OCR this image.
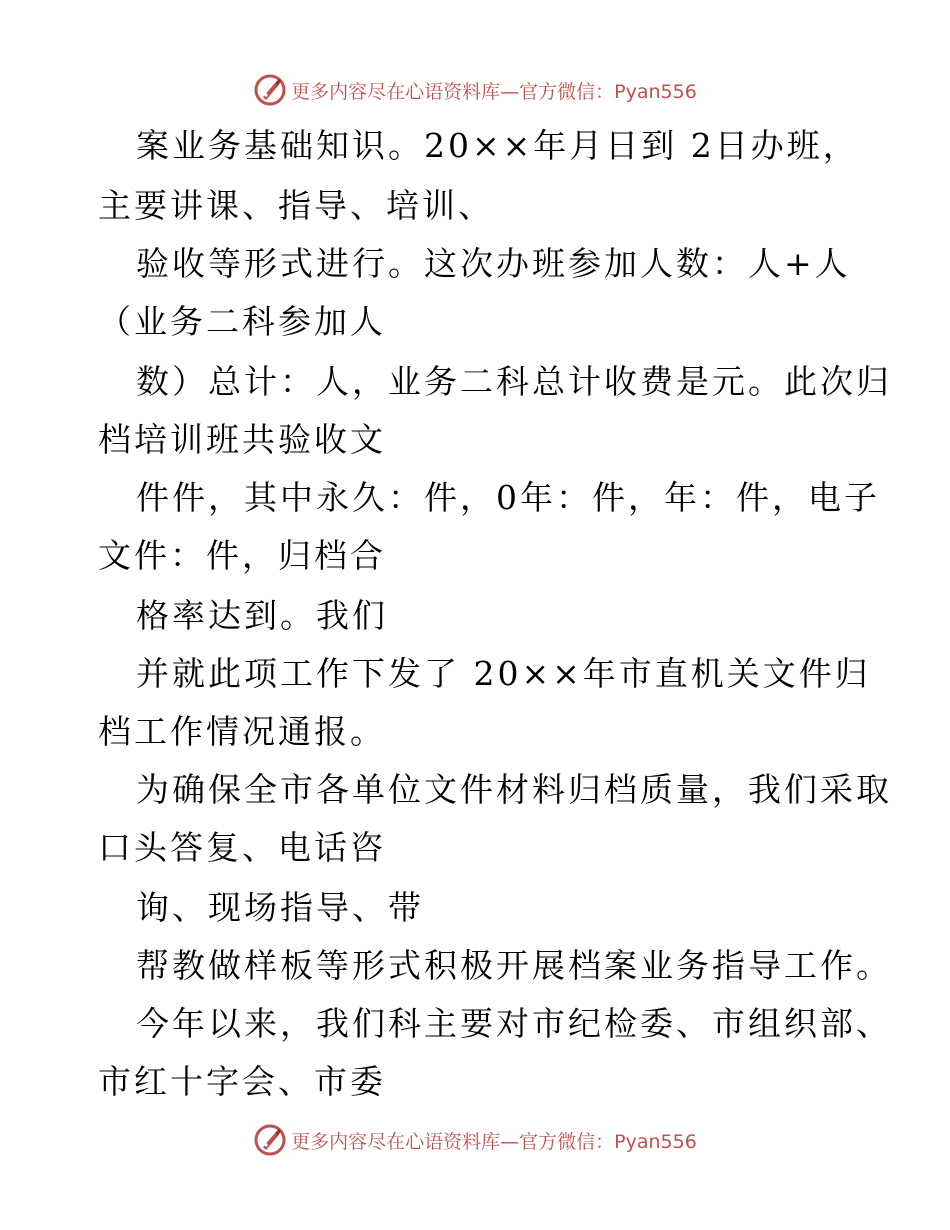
更多内容尽在心语资料库—官方微信：Pyan556
案业务基础知识。20××年月日到 2日办班，
主要讲课、指导、培训、
验收等形式进行。这次办班参加人数：人+人
（业务二科参加人
数）总计：人，业务二科总计收费是元。此次归
档培训班共验收文
件件，其中永久：件，0年：件，年：件，电子
文件：件，归档合
格率达到。我们
并就此项工作下发了 20××年市直机关文件归
档工作情况通报。
为确保全市各单位文件材料归档质量，我们采取
口头答复、电话咨
询、现场指导、带
帮教做样板等形式积极开展档案业务指导工作。
今年以来，我们科主要对市纪检委、市组织部、
市红十字会、市委
更多内容尽在心语资料库—官方微信：Pyan556
